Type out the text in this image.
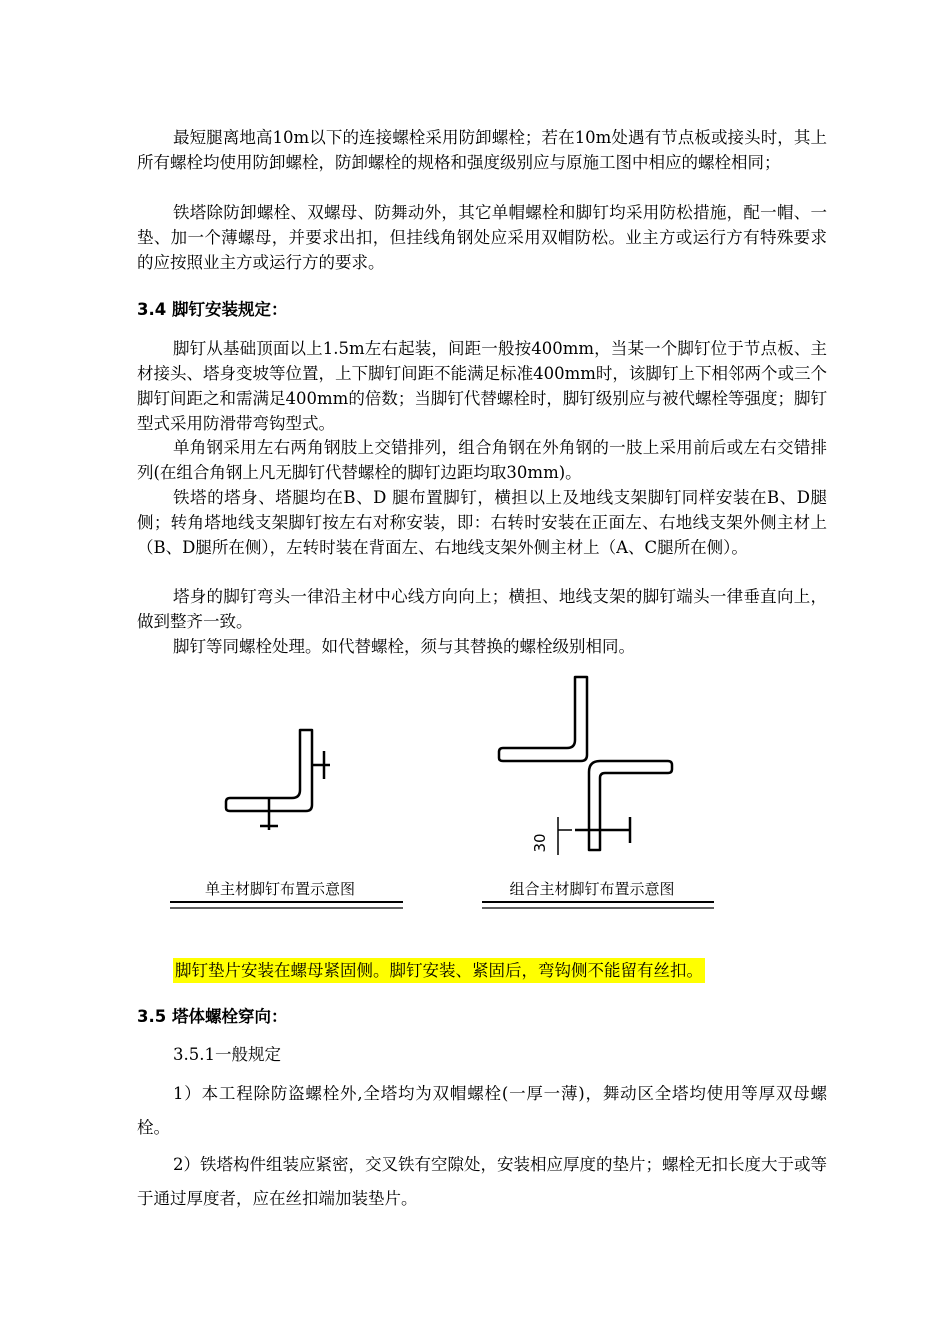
最短腿离地高10m以下的连接螺栓采用防卸螺栓；若在10m处遇有节点板或接头时，其上所有螺栓均使用防卸螺栓，防卸螺栓的规格和强度级别应与原施工图中相应的螺栓相同；

铁塔除防卸螺栓、双螺母、防舞动外，其它单帽螺栓和脚钉均采用防松措施，配一帽、一垫、加一个薄螺母，并要求出扣，但挂线角钢处应采用双帽防松。业主方或运行方有特殊要求的应按照业主方或运行方的要求。

3.4 脚钉安装规定：

脚钉从基础顶面以上1.5m左右起装，间距一般按400mm，当某一个脚钉位于节点板、主材接头、塔身变坡等位置，上下脚钉间距不能满足标准400mm时，该脚钉上下相邻两个或三个脚钉间距之和需满足400mm的倍数；当脚钉代替螺栓时，脚钉级别应与被代螺栓等强度；脚钉型式采用防滑带弯钩型式。

单角钢采用左右两角钢肢上交错排列，组合角钢在外角钢的一肢上采用前后或左右交错排列(在组合角钢上凡无脚钉代替螺栓的脚钉边距均取30mm)。

铁塔的塔身、塔腿均在B、D 腿布置脚钉，横担以上及地线支架脚钉同样安装在B、D腿侧；转角塔地线支架脚钉按左右对称安装，即：右转时安装在正面左、右地线支架外侧主材上（B、D腿所在侧），左转时装在背面左、右地线支架外侧主材上（A、C腿所在侧）。

塔身的脚钉弯头一律沿主材中心线方向向上；横担、地线支架的脚钉端头一律垂直向上，做到整齐一致。

脚钉等同螺栓处理。如代替螺栓，须与其替换的螺栓级别相同。

单主材脚钉布置示意图
30
组合主材脚钉布置示意图
脚钉垫片安装在螺母紧固侧。脚钉安装、紧固后，弯钩侧不能留有丝扣。
3.5 塔体螺栓穿向：

3.5.1一般规定

1）本工程除防盗螺栓外,全塔均为双帽螺栓(一厚一薄)，舞动区全塔均使用等厚双母螺栓。

2）铁塔构件组装应紧密，交叉铁有空隙处，安装相应厚度的垫片；螺栓无扣长度大于或等于通过厚度者，应在丝扣端加装垫片。
